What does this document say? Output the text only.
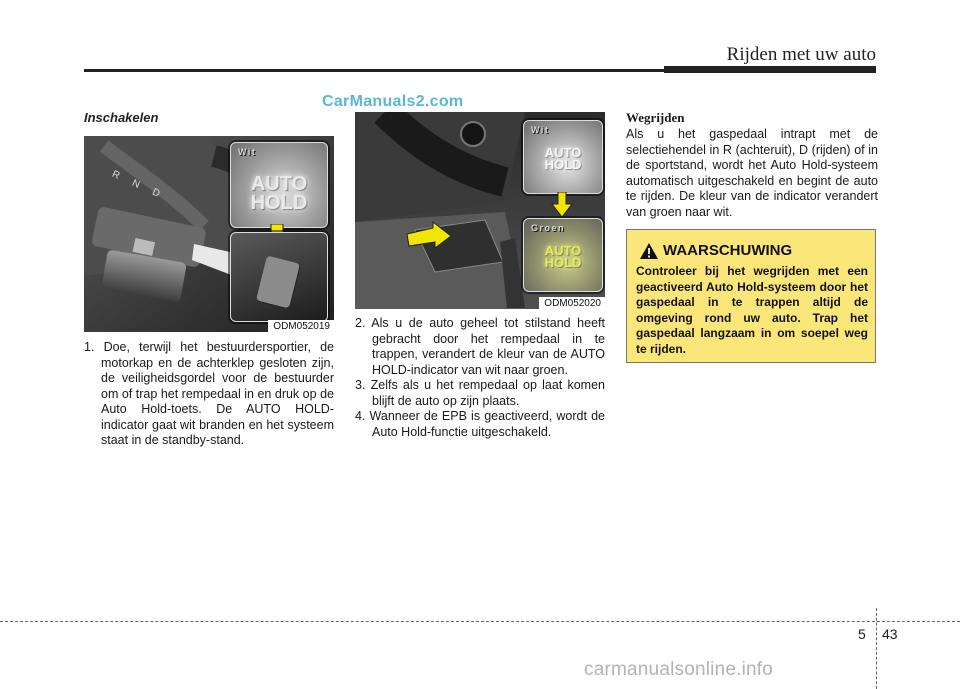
Rijden met uw auto
CarManuals2.com
Inschakelen
R N D
Wit
AUTO
HOLD
ODM052019
Wit
AUTO
HOLD
Groen
AUTO
HOLD
ODM052020

1. Doe, terwijl het bestuurdersportier, de motorkap en de achterklep gesloten zijn, de veiligheidsgordel voor de bestuurder om of trap het rempedaal in en druk op de Auto Hold-toets. De AUTO HOLD-indicator gaat wit branden en het systeem staat in de standby-stand.

2. Als u de auto geheel tot stilstand heeft gebracht door het rempedaal in te trappen, verandert de kleur van de AUTO HOLD-indicator van wit naar groen.

3. Zelfs als u het rempedaal op laat komen blijft de auto op zijn plaats.

4. Wanneer de EPB is geactiveerd, wordt de Auto Hold-functie uitgeschakeld.

Wegrijden
Als u het gaspedaal intrapt met de selectiehendel in R (achteruit), D (rijden) of in de sportstand, wordt het Auto Hold-systeem automatisch uitgeschakeld en begint de auto te rijden. De kleur van de indicator verandert van groen naar wit.
WAARSCHUWING
Controleer bij het wegrijden met een geactiveerd Auto Hold-systeem door het gaspedaal in te trappen altijd de omgeving rond uw auto. Trap het gaspedaal langzaam in om soepel weg te rijden.
5 43
carmanualsonline.info
